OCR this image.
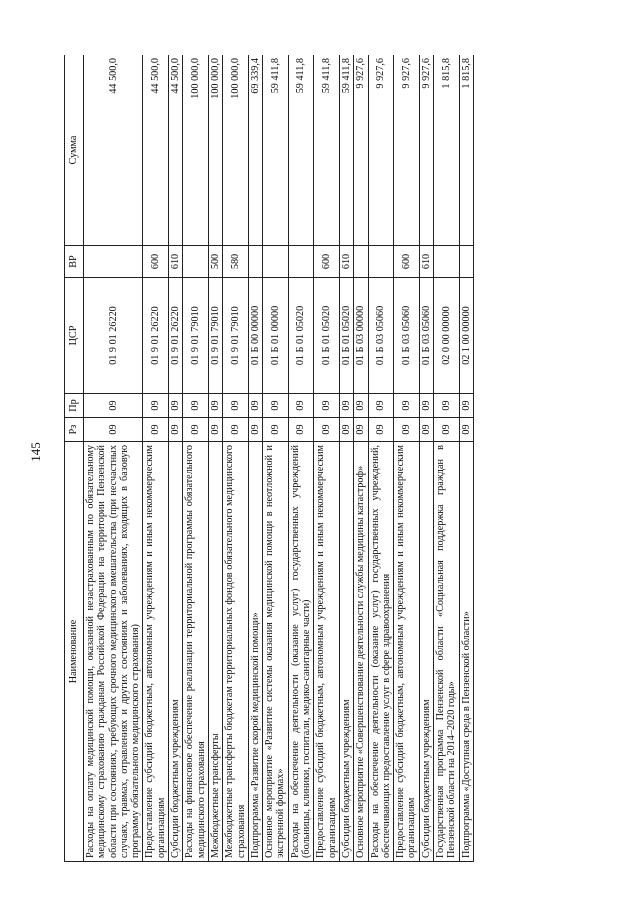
145
Наименование	Рз	Пр	ЦСР	ВР	Сумма
Расходы на оплату медицинской помощи, оказанной незастрахованным по обязательному медицинскому страхованию гражданам Российской Федерации на территории Пензенской области при состояниях, требующих срочного медицинского вмешательства (при несчастных случаях, травмах, отравлениях и других состояниях и заболеваниях, входящих в базовую программу обязательного медицинского страхования)	09	09	01 9 01 26220		44 500,0
Предоставление субсидий бюджетным, автономным учреждениям и иным некоммерческим организациям	09	09	01 9 01 26220	600	44 500,0
Субсидии бюджетным учреждениям	09	09	01 9 01 26220	610	44 500,0
Расходы на финансовое обеспечение реализации территориальной программы обязательного медицинского страхования	09	09	01 9 01 79010		100 000,0
Межбюджетные трансферты	09	09	01 9 01 79010	500	100 000,0
Межбюджетные трансферты бюджетам территориальных фондов обязательного медицинского страхования	09	09	01 9 01 79010	580	100 000,0
Подпрограмма «Развитие скорой медицинской помощи»	09	09	01 Б 00 00000		69 339,4
Основное мероприятие «Развитие системы оказания медицинской помощи в неотложной и экстренной формах»	09	09	01 Б 01 00000		59 411,8
Расходы на обеспечение деятельности (оказание услуг) государственных учреждений (больницы, клиники, госпитали, медико-санитарные части)	09	09	01 Б 01 05020		59 411,8
Предоставление субсидий бюджетным, автономным учреждениям и иным некоммерческим организациям	09	09	01 Б 01 05020	600	59 411,8
Субсидии бюджетным учреждениям	09	09	01 Б 01 05020	610	59 411,8
Основное мероприятие «Совершенствование деятельности службы медицины катастроф»	09	09	01 Б 03 00000		9 927,6
Расходы на обеспечение деятельности (оказание услуг) государственных учреждений, обеспечивающих предоставление услуг в сфере здравоохранения	09	09	01 Б 03 05060		9 927,6
Предоставление субсидий бюджетным, автономным учреждениям и иным некоммерческим организациям	09	09	01 Б 03 05060	600	9 927,6
Субсидии бюджетным учреждениям	09	09	01 Б 03 05060	610	9 927,6
Государственная программа Пензенской области «Социальная поддержка граждан в Пензенской области на 2014–2020 годы»	09	09	02 0 00 00000		1 815,8
Подпрограмма «Доступная среда в Пензенской области»	09	09	02 1 00 00000		1 815,8
